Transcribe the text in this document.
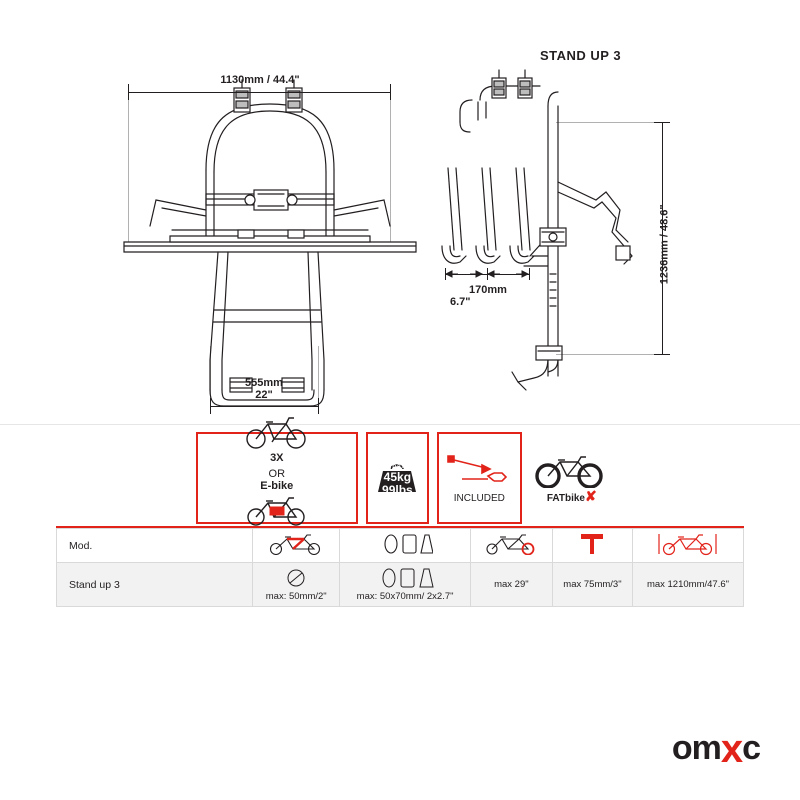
STAND UP 3
1130mm / 44.4"
555mm
22"
170mm
6.7"
1236mm / 48.6"
3X
OR
E-bike
max
45kg
99lbs
INCLUDED	FATbike✘
Mod.					
Stand up 3	max: 50mm/2"	max: 50x70mm/ 2x2.7"	max 29"	max 75mm/3"	max 1210mm/47.6"
omxc
